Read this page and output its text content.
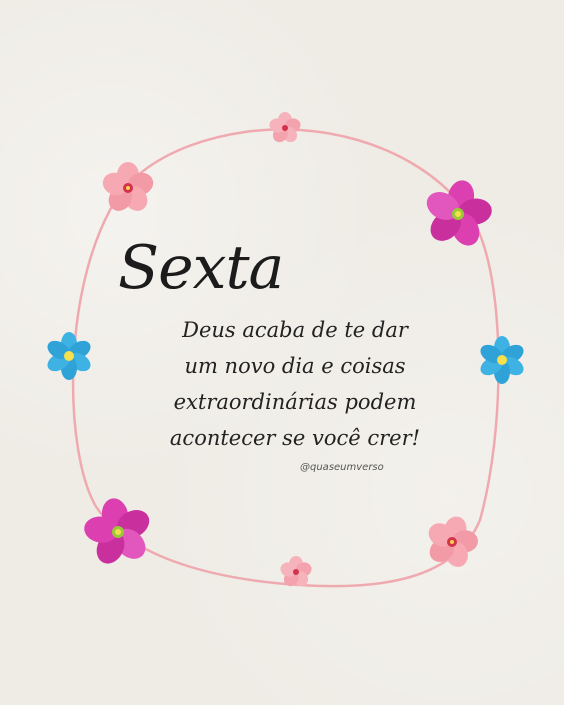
Sexta
Deus acaba de te dar
um novo dia e coisas
extraordinárias podem
acontecer se você crer!
@quaseumverso
